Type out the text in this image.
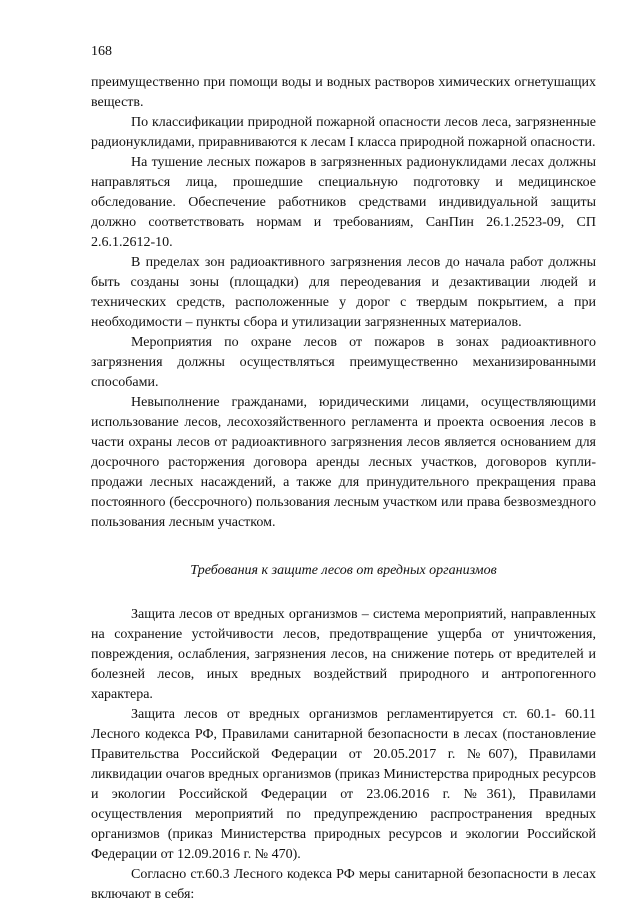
168

преимущественно при помощи воды и водных растворов химических огнетушащих веществ.

По классификации природной пожарной опасности лесов леса, загрязненные радионуклидами, приравниваются к лесам I класса природной пожарной опасности.

На тушение лесных пожаров в загрязненных радионуклидами лесах должны направляться лица, прошедшие специальную подготовку и медицинское обследование. Обеспечение работников средствами индивидуальной защиты должно соответствовать нормам и требованиям, СанПин 26.1.2523-09, СП 2.6.1.2612-10.

В пределах зон радиоактивного загрязнения лесов до начала работ должны быть созданы зоны (площадки) для переодевания и дезактивации людей и технических средств, расположенные у дорог с твердым покрытием, а при необходимости – пункты сбора и утилизации загрязненных материалов.

Мероприятия по охране лесов от пожаров в зонах радиоактивного загрязнения должны осуществляться преимущественно механизированными способами.

Невыполнение гражданами, юридическими лицами, осуществляющими использование лесов, лесохозяйственного регламента и проекта освоения лесов в части охраны лесов от радиоактивного загрязнения лесов является основанием для досрочного расторжения договора аренды лесных участков, договоров купли-продажи лесных насаждений, а также для принудительного прекращения права постоянного (бессрочного) пользования лесным участком или права безвозмездного пользования лесным участком.

Требования к защите лесов от вредных организмов

Защита лесов от вредных организмов – система мероприятий, направленных на сохранение устойчивости лесов, предотвращение ущерба от уничтожения, повреждения, ослабления, загрязнения лесов, на снижение потерь от вредителей и болезней лесов, иных вредных воздействий природного и антропогенного характера.

Защита лесов от вредных организмов регламентируется ст. 60.1- 60.11 Лесного кодекса РФ, Правилами санитарной безопасности в лесах (постановление Правительства Российской Федерации от 20.05.2017 г. №607), Правилами ликвидации очагов вредных организмов (приказ Министерства природных ресурсов и экологии Российской Федерации от 23.06.2016 г. №361), Правилами осуществления мероприятий по предупреждению распространения вредных организмов (приказ Министерства природных ресурсов и экологии Российской Федерации от 12.09.2016 г. № 470).

Согласно ст.60.3 Лесного кодекса РФ меры санитарной безопасности в лесах включают в себя:
